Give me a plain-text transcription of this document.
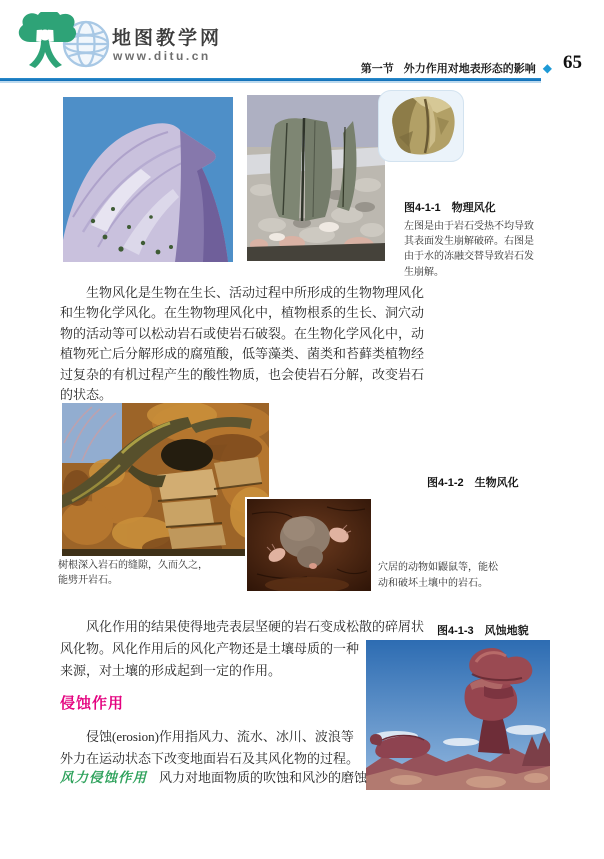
地图教学网
www.ditu.cn
第一节 外力作用对地表形态的影响 ◆ 65
图4-1-1　物理风化
左图是由于岩石受热不均导致
其表面发生崩解破碎。右图是
由于水的冻融交替导致岩石发
生崩解。
　　生物风化是生物在生长、活动过程中所形成的生物物理风化
和生物化学风化。在生物物理风化中，植物根系的生长、洞穴动
物的活动等可以松动岩石或使岩石破裂。在生物化学风化中，动
植物死亡后分解形成的腐殖酸，低等藻类、菌类和苔藓类植物经
过复杂的有机过程产生的酸性物质，也会使岩石分解，改变岩石
的状态。
图4-1-2　生物风化
树根深入岩石的缝隙，久而久之，
能劈开岩石。
穴居的动物如鼹鼠等，能松
动和破坏土壤中的岩石。
　　风化作用的结果使得地壳表层坚硬的岩石变成松散的碎屑状
风化物。风化作用后的风化产物还是土壤母质的一种
来源，对土壤的形成起到一定的作用。
图4-1-3　风蚀地貌
侵蚀作用
　　侵蚀(erosion)作用指风力、流水、冰川、波浪等
外力在运动状态下改变地面岩石及其风化物的过程。
风力侵蚀作用 风力对地面物质的吹蚀和风沙的磨蚀
